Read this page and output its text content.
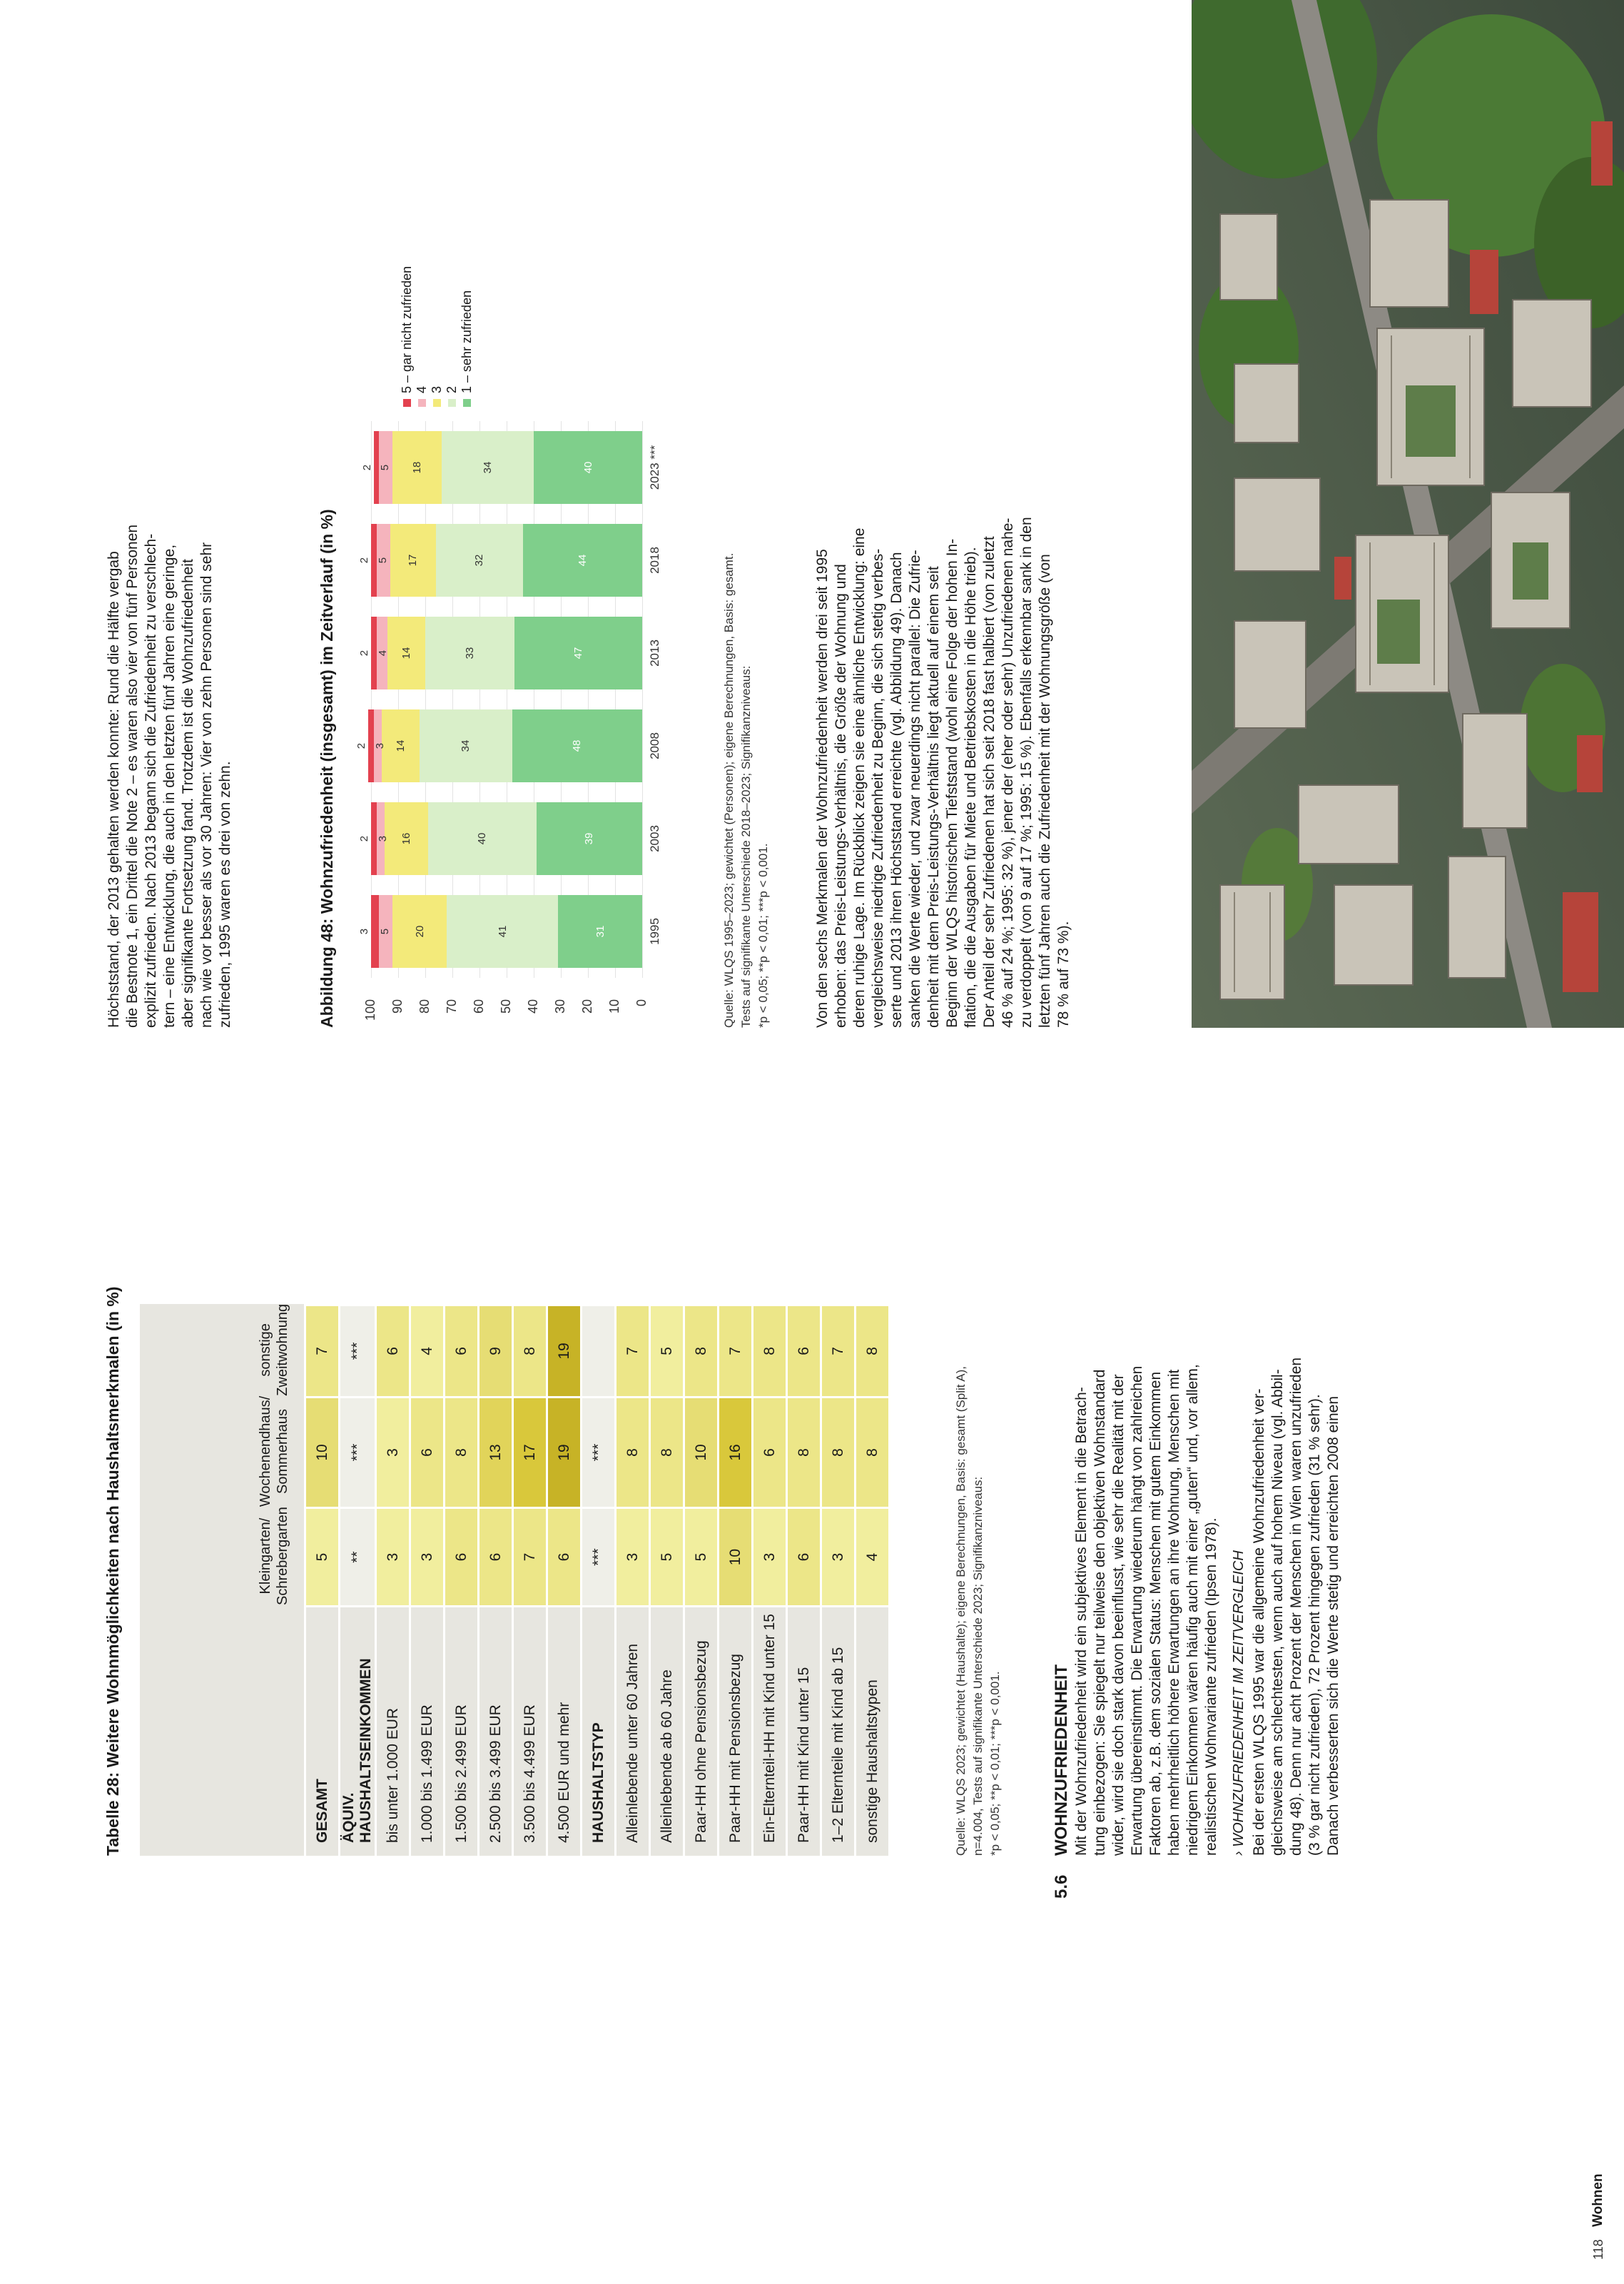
118
Wohnen
Tabelle 28: Weitere Wohnmöglichkeiten nach Haushaltsmerkmalen (in %)

	Kleingarten/ Schrebergarten	Wochenendhaus/ Sommerhaus	sonstige Zweitwohnung

GESAMT	5	10	7
ÄQUIV. HAUSHALTSEINKOMMEN	**	***	***
bis unter 1.000 EUR	3	3	6
1.000 bis 1.499 EUR	3	6	4
1.500 bis 2.499 EUR	6	8	6
2.500 bis 3.499 EUR	6	13	9
3.500 bis 4.499 EUR	7	17	8
4.500 EUR und mehr	6	19	19
HAUSHALTSTYP	***	***	
Alleinlebende unter 60 Jahren	3	8	7
Alleinlebende ab 60 Jahre	5	8	5
Paar-HH ohne Pensionsbezug	5	10	8
Paar-HH mit Pensionsbezug	10	16	7
Ein-Elternteil-HH mit Kind unter 15	3	6	8
Paar-HH mit Kind unter 15	6	8	6
1–2 Elternteile mit Kind ab 15	3	8	7
sonstige Haushaltstypen	4	8	8
Quelle: WLQS 2023; gewichtet (Haushalte); eigene Berechnungen, Basis: gesamt (Split A), n=4.004, Tests auf signifikante Unterschiede 2023; Signifikanzniveaus: *p < 0,05; **p < 0,01; ***p < 0,001.
5.6
WOHNZUFRIEDENHEIT Mit der Wohnzufriedenheit wird ein subjektives Element in die Betrach- tung einbezogen: Sie spiegelt nur teilweise den objektiven Wohnstandard wider, wird sie doch stark davon beeinflusst, wie sehr die Realität mit der Erwartung übereinstimmt. Die Erwartung wiederum hängt von zahlreichen Faktoren ab, z.B. dem sozialen Status: Menschen mit gutem Einkommen haben mehrheitlich höhere Erwartungen an ihre Wohnung, Menschen mit niedrigem Einkommen wären häufig auch mit einer „guten“ und, vor allem, realistischen Wohnvariante zufrieden (Ipsen 1978). › WOHNZUFRIEDENHEIT IM ZEITVERGLEICH Bei der ersten WLQS 1995 war die allgemeine Wohnzufriedenheit ver- gleichsweise am schlechtesten, wenn auch auf hohem Niveau (vgl. Abbil- dung 48). Denn nur acht Prozent der Menschen in Wien waren unzufrieden (3 % gar nicht zufrieden), 72 Prozent hingegen zufrieden (31 % sehr). Danach verbesserten sich die Werte stetig und erreichten 2008 einen
Höchststand, der 2013 gehalten werden konnte: Rund die Hälfte vergab die Bestnote 1, ein Drittel die Note 2 – es waren also vier von fünf Personen explizit zufrieden. Nach 2013 begann sich die Zufriedenheit zu verschlech- tern – eine Entwicklung, die auch in den letzten fünf Jahren eine geringe, aber signifikante Fortsetzung fand. Trotzdem ist die Wohnzufriedenheit nach wie vor besser als vor 30 Jahren: Vier von zehn Personen sind sehr zufrieden, 1995 waren es drei von zehn.	Abbildung 48: Wohnzufriedenheit (insgesamt) im Zeitverlauf (in %)	0
10
20
30
40
50
60
70
80
90
100
31
41
20
5
3	1995
39
40
16
3
2	2003
48
34
14
3
2	2008
47
33
14
4
2	2013
44
32
17
5
2	2018
40
34
18
5
2	2023 ***
5 – gar nicht zufrieden 4 3 2 1 – sehr zufrieden
Quelle: WLQS 1995–2023; gewichtet (Personen); eigene Berechnungen, Basis: gesamt. Tests auf signifikante Unterschiede 2018–2023; Signifikanzniveaus: *p < 0,05; **p < 0,01; ***p < 0,001.	Von den sechs Merkmalen der Wohnzufriedenheit werden drei seit 1995 erhoben: das Preis-Leistungs-Verhältnis, die Größe der Wohnung und deren ruhige Lage. Im Rückblick zeigen sie eine ähnliche Entwicklung: eine vergleichsweise niedrige Zufriedenheit zu Beginn, die sich stetig verbes- serte und 2013 ihren Höchststand erreichte (vgl. Abbildung 49). Danach sanken die Werte wieder, und zwar neuerdings nicht parallel: Die Zufrie- denheit mit dem Preis-Leistungs-Verhältnis liegt aktuell auf einem seit Beginn der WLQS historischen Tiefststand (wohl eine Folge der hohen In- flation, die die Ausgaben für Miete und Betriebskosten in die Höhe trieb). Der Anteil der sehr Zufriedenen hat sich seit 2018 fast halbiert (von zuletzt 46 % auf 24 %; 1995: 32 %), jener der (eher oder sehr) Unzufriedenen nahe- zu verdoppelt (von 9 auf 17 %; 1995: 15 %). Ebenfalls erkennbar sank in den letzten fünf Jahren auch die Zufriedenheit mit der Wohnungsgröße (von 78 % auf 73 %).
